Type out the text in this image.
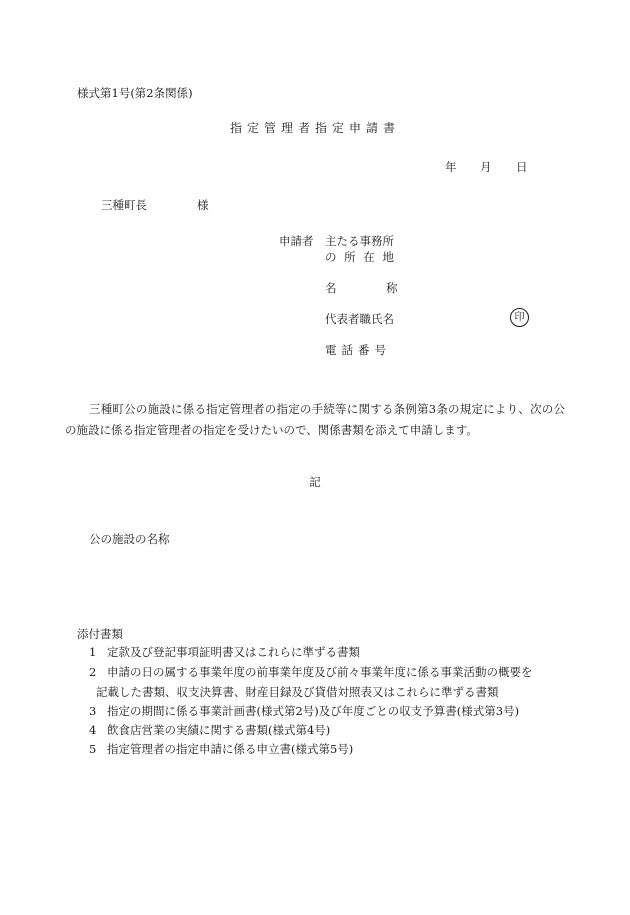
様式第1号(第2条関係)
指定管理者指定申請書
年 月 日
三種町長	様
申請者 主たる事務所
の 所 在 地
名	称
代表者職氏名	印
電話番号
三種町公の施設に係る指定管理者の指定の手続等に関する条例第3条の規定により、次の公の施設に係る指定管理者の指定を受けたいので、関係書類を添えて申請します。
記
公の施設の名称
添付書類
1 定款及び登記事項証明書又はこれらに準ずる書類
2 申請の日の属する事業年度の前事業年度及び前々事業年度に係る事業活動の概要を
記載した書類、収支決算書、財産目録及び貸借対照表又はこれらに準ずる書類
3 指定の期間に係る事業計画書(様式第2号)及び年度ごとの収支予算書(様式第3号)
4 飲食店営業の実績に関する書類(様式第4号)
5 指定管理者の指定申請に係る申立書(様式第5号)
